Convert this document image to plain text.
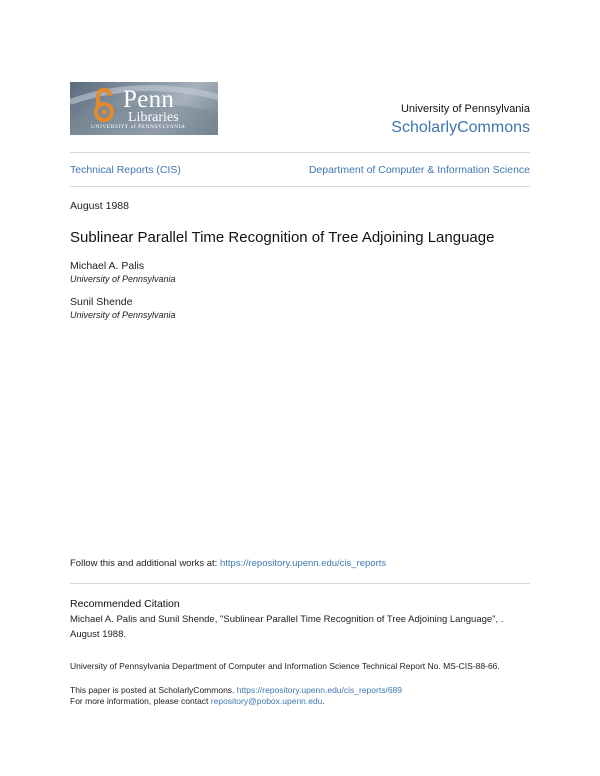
Penn
Libraries
UNIVERSITY of PENNSYLVANIA
University of Pennsylvania
ScholarlyCommons
Technical Reports (CIS)	Department of Computer & Information Science
August 1988
Sublinear Parallel Time Recognition of Tree Adjoining Language
Michael A. Palis
University of Pennsylvania
Sunil Shende
University of Pennsylvania
Follow this and additional works at: https://repository.upenn.edu/cis_reports
Recommended Citation
Michael A. Palis and Sunil Shende, "Sublinear Parallel Time Recognition of Tree Adjoining Language", . August 1988.
University of Pennsylvania Department of Computer and Information Science Technical Report No. MS-CIS-88-66.
This paper is posted at ScholarlyCommons. https://repository.upenn.edu/cis_reports/689
For more information, please contact repository@pobox.upenn.edu.
